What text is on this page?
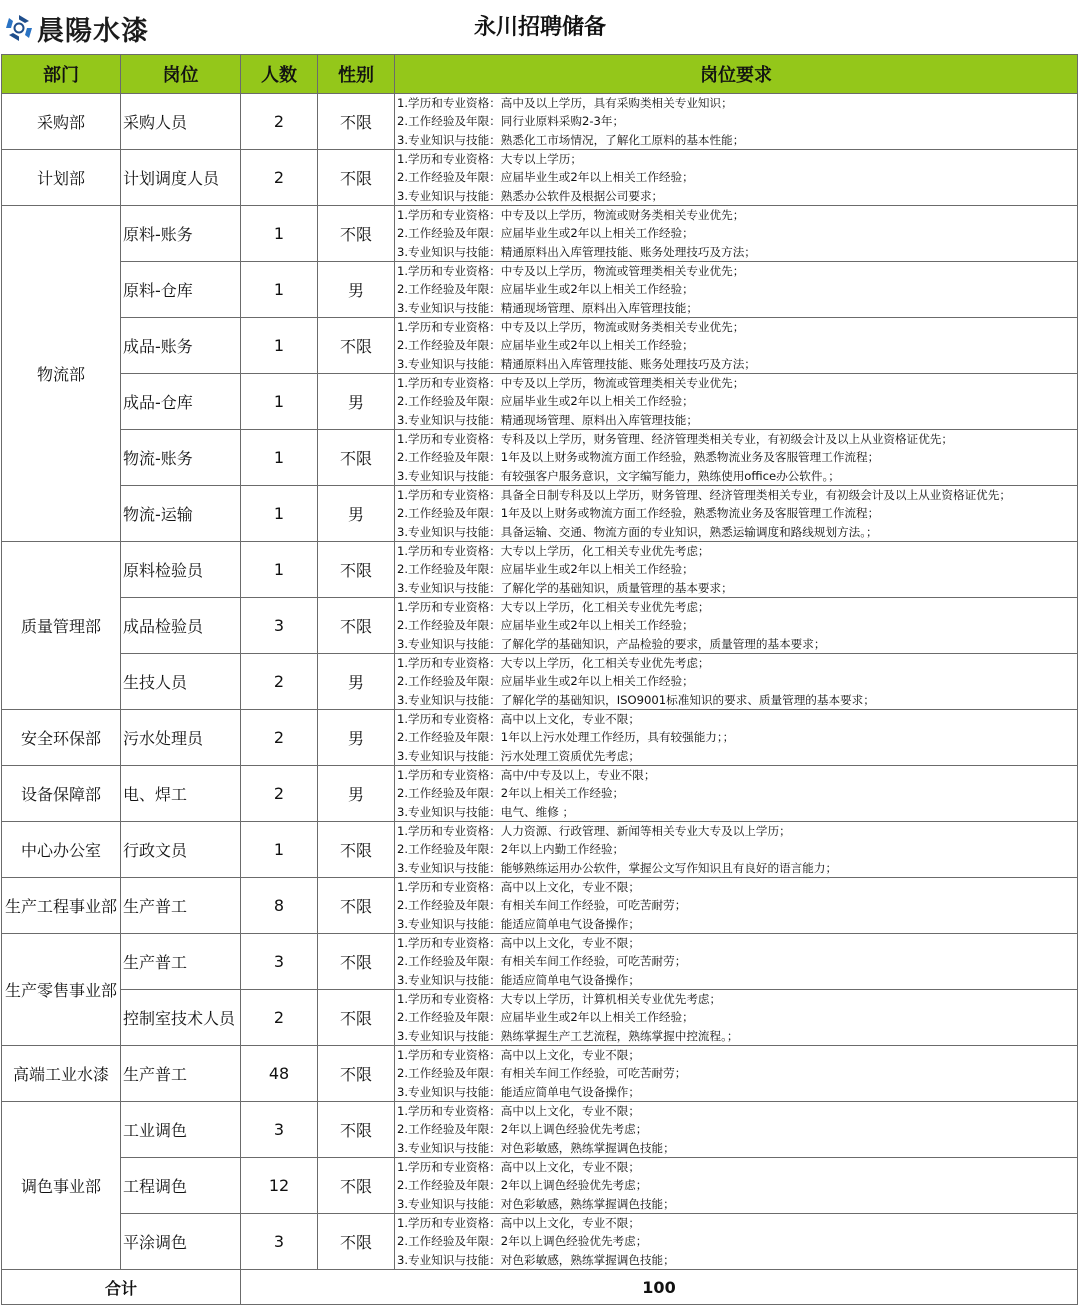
晨陽水漆	永川招聘储备
部门	岗位	人数	性别	岗位要求
采购部	采购人员	2	不限	1.学历和专业资格：高中及以上学历，具有采购类相关专业知识；
2.工作经验及年限：同行业原料采购2-3年；
3.专业知识与技能：熟悉化工市场情况，了解化工原料的基本性能；

计划部	计划调度人员	2	不限	1.学历和专业资格：大专以上学历；
2.工作经验及年限：应届毕业生或2年以上相关工作经验；
3.专业知识与技能：熟悉办公软件及根据公司要求；

物流部	原料-账务	1	不限	1.学历和专业资格：中专及以上学历，物流或财务类相关专业优先；
2.工作经验及年限：应届毕业生或2年以上相关工作经验；
3.专业知识与技能：精通原料出入库管理技能、账务处理技巧及方法；

	原料-仓库	1	男	1.学历和专业资格：中专及以上学历，物流或管理类相关专业优先；
2.工作经验及年限：应届毕业生或2年以上相关工作经验；
3.专业知识与技能：精通现场管理、原料出入库管理技能；

	成品-账务	1	不限	1.学历和专业资格：中专及以上学历，物流或财务类相关专业优先；
2.工作经验及年限：应届毕业生或2年以上相关工作经验；
3.专业知识与技能：精通原料出入库管理技能、账务处理技巧及方法；

	成品-仓库	1	男	1.学历和专业资格：中专及以上学历，物流或管理类相关专业优先；
2.工作经验及年限：应届毕业生或2年以上相关工作经验；
3.专业知识与技能：精通现场管理、原料出入库管理技能；

	物流-账务	1	不限	1.学历和专业资格：专科及以上学历，财务管理、经济管理类相关专业，有初级会计及以上从业资格证优先；
2.工作经验及年限：1年及以上财务或物流方面工作经验，熟悉物流业务及客服管理工作流程；
3.专业知识与技能：有较强客户服务意识，文字编写能力，熟练使用office办公软件。；

	物流-运输	1	男	1.学历和专业资格：具备全日制专科及以上学历，财务管理、经济管理类相关专业，有初级会计及以上从业资格证优先；
2.工作经验及年限：1年及以上财务或物流方面工作经验，熟悉物流业务及客服管理工作流程；
3.专业知识与技能：具备运输、交通、物流方面的专业知识，熟悉运输调度和路线规划方法。；

质量管理部	原料检验员	1	不限	1.学历和专业资格：大专以上学历，化工相关专业优先考虑；
2.工作经验及年限：应届毕业生或2年以上相关工作经验；
3.专业知识与技能：了解化学的基础知识，质量管理的基本要求；

	成品检验员	3	不限	1.学历和专业资格：大专以上学历，化工相关专业优先考虑；
2.工作经验及年限：应届毕业生或2年以上相关工作经验；
3.专业知识与技能：了解化学的基础知识，产品检验的要求，质量管理的基本要求；

	生技人员	2	男	1.学历和专业资格：大专以上学历，化工相关专业优先考虑；
2.工作经验及年限：应届毕业生或2年以上相关工作经验；
3.专业知识与技能：了解化学的基础知识，ISO9001标准知识的要求、质量管理的基本要求；

安全环保部	污水处理员	2	男	1.学历和专业资格：高中以上文化，专业不限；
2.工作经验及年限：1年以上污水处理工作经历，具有较强能力；；
3.专业知识与技能：污水处理工资质优先考虑；

设备保障部	电、焊工	2	男	1.学历和专业资格：高中/中专及以上，专业不限；
2.工作经验及年限：2年以上相关工作经验；
3.专业知识与技能：电气、维修 ；

中心办公室	行政文员	1	不限	1.学历和专业资格：人力资源、行政管理、新闻等相关专业大专及以上学历；
2.工作经验及年限：2年以上内勤工作经验；
3.专业知识与技能：能够熟练运用办公软件，掌握公文写作知识且有良好的语言能力；

生产工程事业部	生产普工	8	不限	1.学历和专业资格：高中以上文化，专业不限；
2.工作经验及年限：有相关车间工作经验，可吃苦耐劳；
3.专业知识与技能：能适应简单电气设备操作；

生产零售事业部	生产普工	3	不限	1.学历和专业资格：高中以上文化，专业不限；
2.工作经验及年限：有相关车间工作经验，可吃苦耐劳；
3.专业知识与技能：能适应简单电气设备操作；

	控制室技术人员	2	不限	1.学历和专业资格：大专以上学历，计算机相关专业优先考虑；
2.工作经验及年限：应届毕业生或2年以上相关工作经验；
3.专业知识与技能：熟练掌握生产工艺流程，熟练掌握中控流程。；

高端工业水漆	生产普工	48	不限	1.学历和专业资格：高中以上文化，专业不限；
2.工作经验及年限：有相关车间工作经验，可吃苦耐劳；
3.专业知识与技能：能适应简单电气设备操作；

调色事业部	工业调色	3	不限	1.学历和专业资格：高中以上文化，专业不限；
2.工作经验及年限：2年以上调色经验优先考虑；
3.专业知识与技能：对色彩敏感，熟练掌握调色技能；

	工程调色	12	不限	1.学历和专业资格：高中以上文化，专业不限；
2.工作经验及年限：2年以上调色经验优先考虑；
3.专业知识与技能：对色彩敏感，熟练掌握调色技能；

	平涂调色	3	不限	1.学历和专业资格：高中以上文化，专业不限；
2.工作经验及年限：2年以上调色经验优先考虑；
3.专业知识与技能：对色彩敏感，熟练掌握调色技能；

合计		100		
